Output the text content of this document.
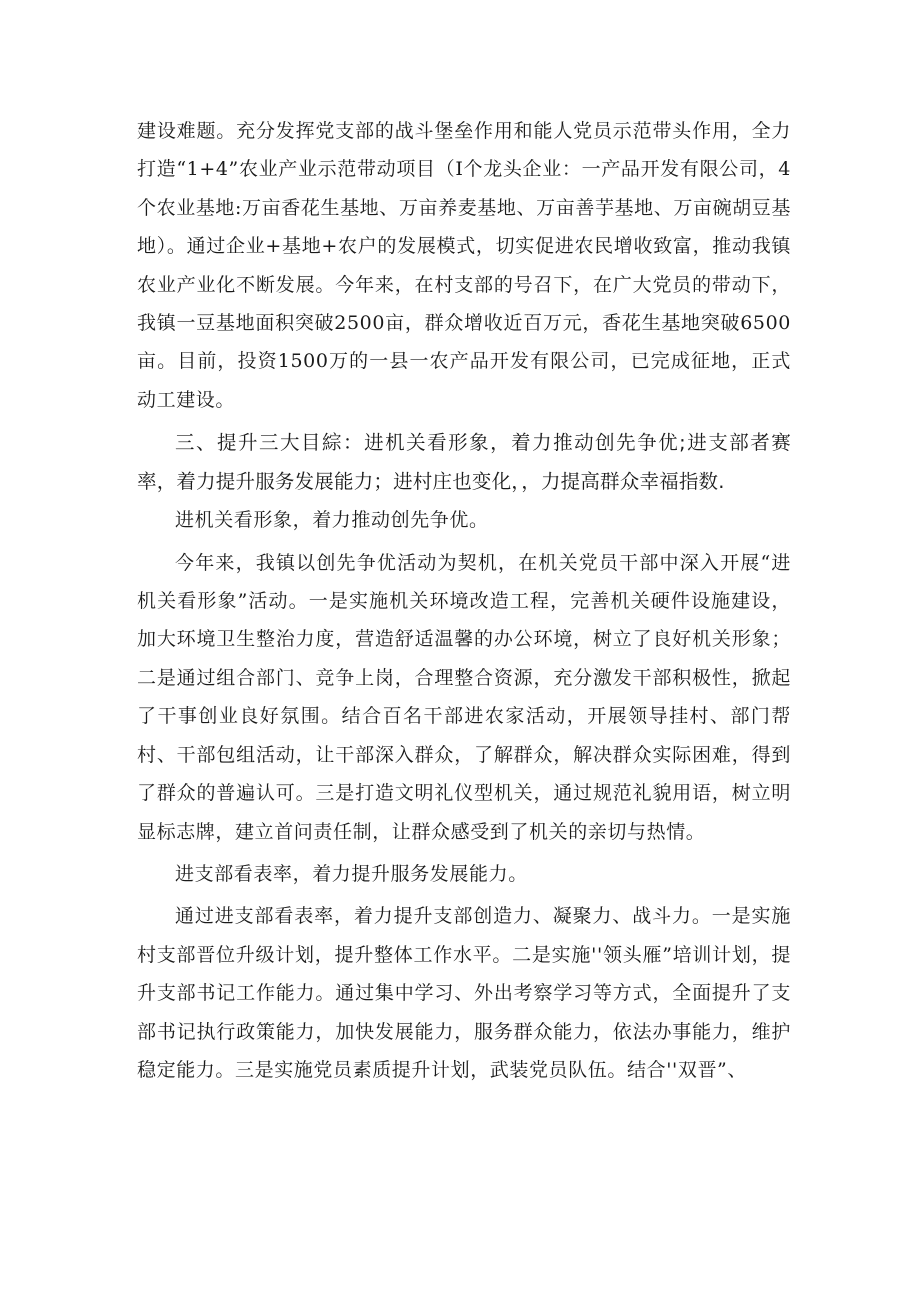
建设难题。充分发挥党支部的战斗堡垒作用和能人党员示范带头作用，全力打造“1+4”农业产业示范带动项目（I个龙头企业：一产品开发有限公司，4个农业基地:万亩香花生基地、万亩养麦基地、万亩善芋基地、万亩碗胡豆基地）。通过企业+基地+农户的发展模式，切实促进农民增收致富，推动我镇农业产业化不断发展。今年来，在村支部的号召下，在广大党员的带动下，我镇一豆基地面积突破2500亩，群众增收近百万元，香花生基地突破6500亩。目前，投资1500万的一县一农产品开发有限公司，已完成征地，正式动工建设。

三、提升三大目綜：进机关看形象，着力推动创先争优;进支部者赛率，着力提升服务发展能力；进村庄也变化，，力提高群众幸福指数.

进机关看形象，着力推动创先争优。

今年来，我镇以创先争优活动为契机，在机关党员干部中深入开展“进机关看形象”活动。一是实施机关环境改造工程，完善机关硬件设施建设，加大环境卫生整治力度，营造舒适温馨的办公环境，树立了良好机关形象；二是通过组合部门、竞争上岗，合理整合资源，充分激发干部积极性，掀起了干事创业良好氛围。结合百名干部进农家活动，开展领导挂村、部门帮村、干部包组活动，让干部深入群众，了解群众，解决群众实际困难，得到了群众的普遍认可。三是打造文明礼仪型机关，通过规范礼貌用语，树立明显标志牌，建立首问责任制，让群众感受到了机关的亲切与热情。

进支部看表率，着力提升服务发展能力。

通过进支部看表率，着力提升支部创造力、凝聚力、战斗力。一是实施村支部晋位升级计划，提升整体工作水平。二是实施''领头雁”培训计划，提升支部书记工作能力。通过集中学习、外出考察学习等方式，全面提升了支部书记执行政策能力，加快发展能力，服务群众能力，依法办事能力，维护稳定能力。三是实施党员素质提升计划，武装党员队伍。结合''双晋”、
